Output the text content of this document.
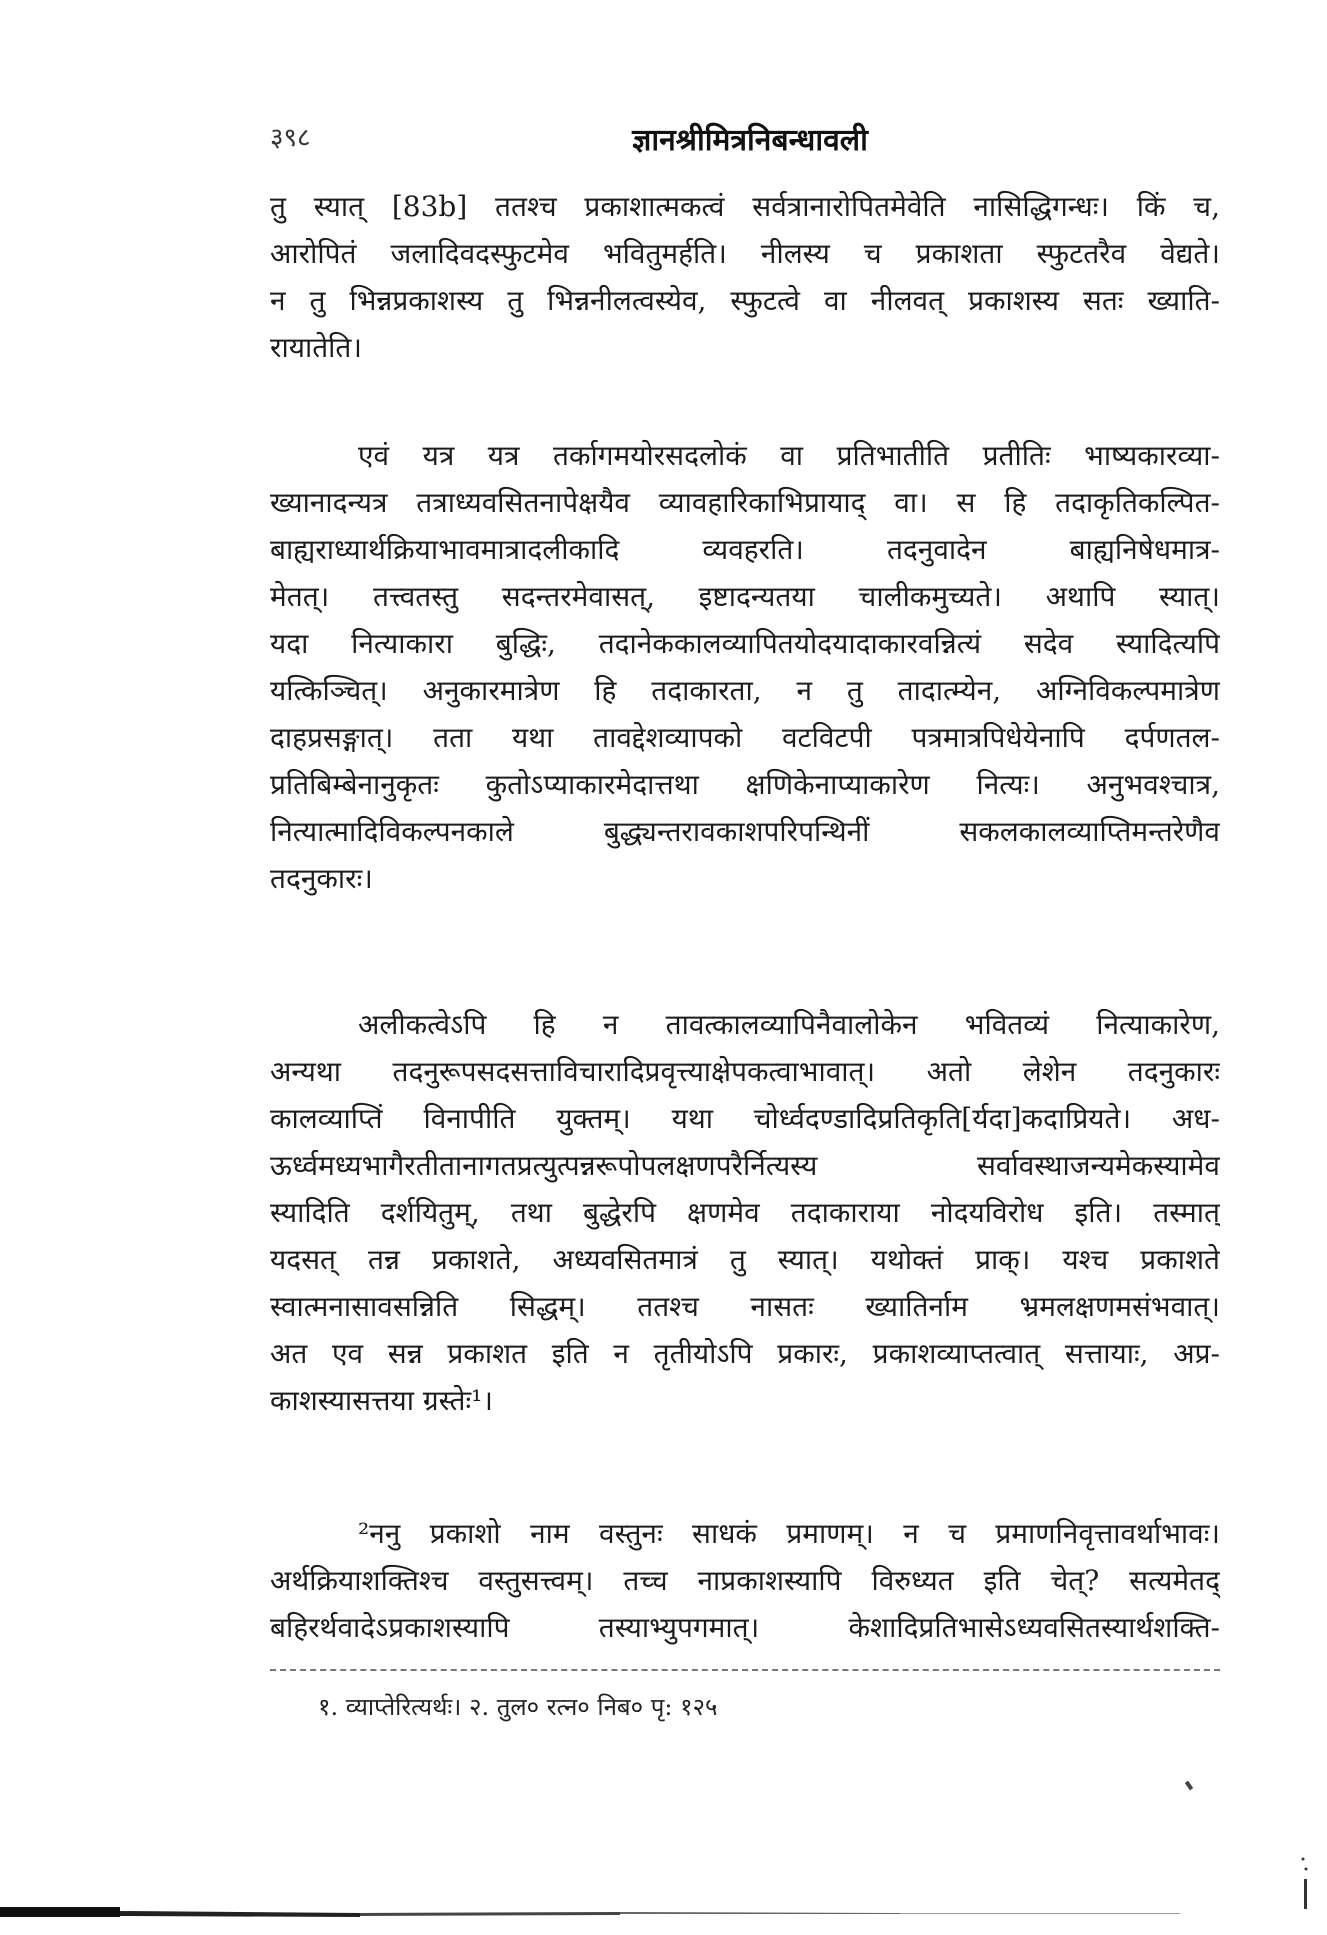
३९८	ज्ञानश्रीमित्रनिबन्धावली
तु स्यात् [83b] ततश्च प्रकाशात्मकत्वं सर्वत्रानारोपितमेवेति नासिद्धिगन्धः। किं च,
आरोपितं जलादिवदस्फुटमेव भवितुमर्हति। नीलस्य च प्रकाशता स्फुटतरैव वेद्यते।
न तु भिन्नप्रकाशस्य तु भिन्ननीलत्वस्येव, स्फुटत्वे वा नीलवत् प्रकाशस्य सतः ख्याति-
रायातेति।
एवं यत्र यत्र तर्कागमयोरसदलोकं वा प्रतिभातीति प्रतीतिः भाष्यकारव्या-
ख्यानादन्यत्र तत्राध्यवसितनापेक्षयैव व्यावहारिकाभिप्रायाद् वा। स हि तदाकृतिकल्पित-
बाह्यराध्यार्थक्रियाभावमात्रादलीकादि व्यवहरति। तदनुवादेन बाह्यनिषेधमात्र-
मेतत्। तत्त्वतस्तु सदन्तरमेवासत्, इष्टादन्यतया चालीकमुच्यते। अथापि स्यात्।
यदा नित्याकारा बुद्धिः, तदानेककालव्यापितयोदयादाकारवन्नित्यं सदेव स्यादित्यपि
यत्किञ्चित्। अनुकारमात्रेण हि तदाकारता, न तु तादात्म्येन, अग्निविकल्पमात्रेण
दाहप्रसङ्गात्। तता यथा तावद्देशव्यापको वटविटपी पत्रमात्रपिधेयेनापि दर्पणतल-
प्रतिबिम्बेनानुकृतः कुतोऽप्याकारमेदात्तथा क्षणिकेनाप्याकारेण नित्यः। अनुभवश्चात्र,
नित्यात्मादिविकल्पनकाले बुद्ध्यन्तरावकाशपरिपन्थिनीं सकलकालव्याप्तिमन्तरेणैव
तदनुकारः।
अलीकत्वेऽपि हि न तावत्कालव्यापिनैवालोकेन भवितव्यं नित्याकारेण,
अन्यथा तदनुरूपसदसत्ताविचारादिप्रवृत्त्याक्षेपकत्वाभावात्। अतो लेशेन तदनुकारः
कालव्याप्तिं विनापीति युक्तम्। यथा चोर्ध्वदण्डादिप्रतिकृति[र्यदा]कदाप्रियते। अध-
ऊर्ध्वमध्यभागैरतीतानागतप्रत्युत्पन्नरूपोपलक्षणपरैर्नित्यस्य सर्वावस्थाजन्यमेकस्यामेव
स्यादिति दर्शयितुम्, तथा बुद्धेरपि क्षणमेव तदाकाराया नोदयविरोध इति। तस्मात्
यदसत् तन्न प्रकाशते, अध्यवसितमात्रं तु स्यात्। यथोक्तं प्राक्। यश्च प्रकाशते
स्वात्मनासावसन्निति सिद्धम्। ततश्च नासतः ख्यातिर्नाम भ्रमलक्षणमसंभवात्।
अत एव सन्न प्रकाशत इति न तृतीयोऽपि प्रकारः, प्रकाशव्याप्तत्वात् सत्तायाः, अप्र-
काशस्यासत्तया ग्रस्तेः¹।
²ननु प्रकाशो नाम वस्तुनः साधकं प्रमाणम्। न च प्रमाणनिवृत्तावर्थाभावः।
अर्थक्रियाशक्तिश्च वस्तुसत्त्वम्। तच्च नाप्रकाशस्यापि विरुध्यत इति चेत्? सत्यमेतद्
बहिरर्थवादेऽप्रकाशस्यापि तस्याभ्युपगमात्। केशादिप्रतिभासेऽध्यवसितस्यार्थशक्ति-
१. व्याप्तेरित्यर्थः। २. तुल० रत्न० निब० पृ: १२५
